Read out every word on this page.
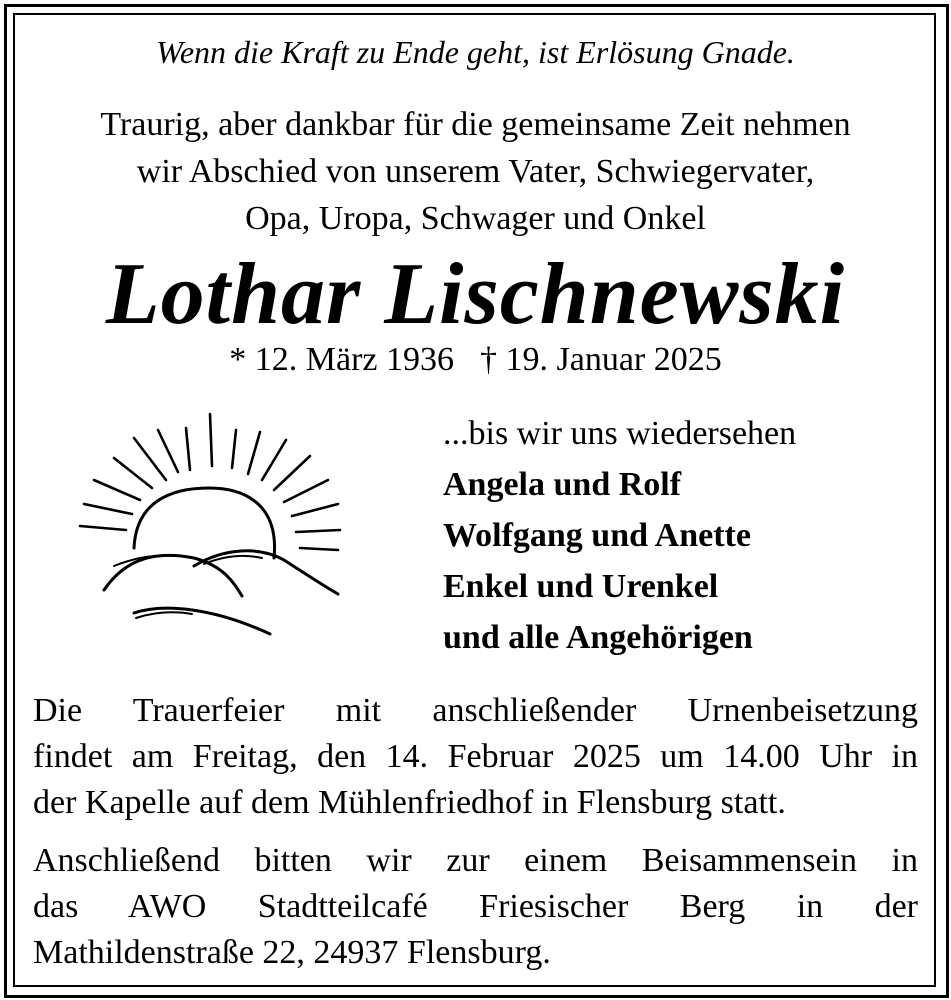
Wenn die Kraft zu Ende geht, ist Erlösung Gnade.
Traurig, aber dankbar für die gemeinsame Zeit nehmen
wir Abschied von unserem Vater, Schwiegervater,
Opa, Uropa, Schwager und Onkel
Lothar Lischnewski
* 12. März 1936 † 19. Januar 2025
...bis wir uns wiedersehen
Angela und Rolf
Wolfgang und Anette
Enkel und Urenkel
und alle Angehörigen
Die Trauerfeier mit anschließender Urnenbeisetzung
findet am Freitag, den 14. Februar 2025 um 14.00 Uhr in
der Kapelle auf dem Mühlenfriedhof in Flensburg statt.
Anschließend bitten wir zur einem Beisammensein in
das AWO Stadtteilcafé Friesischer Berg in der
Mathildenstraße 22, 24937 Flensburg.
